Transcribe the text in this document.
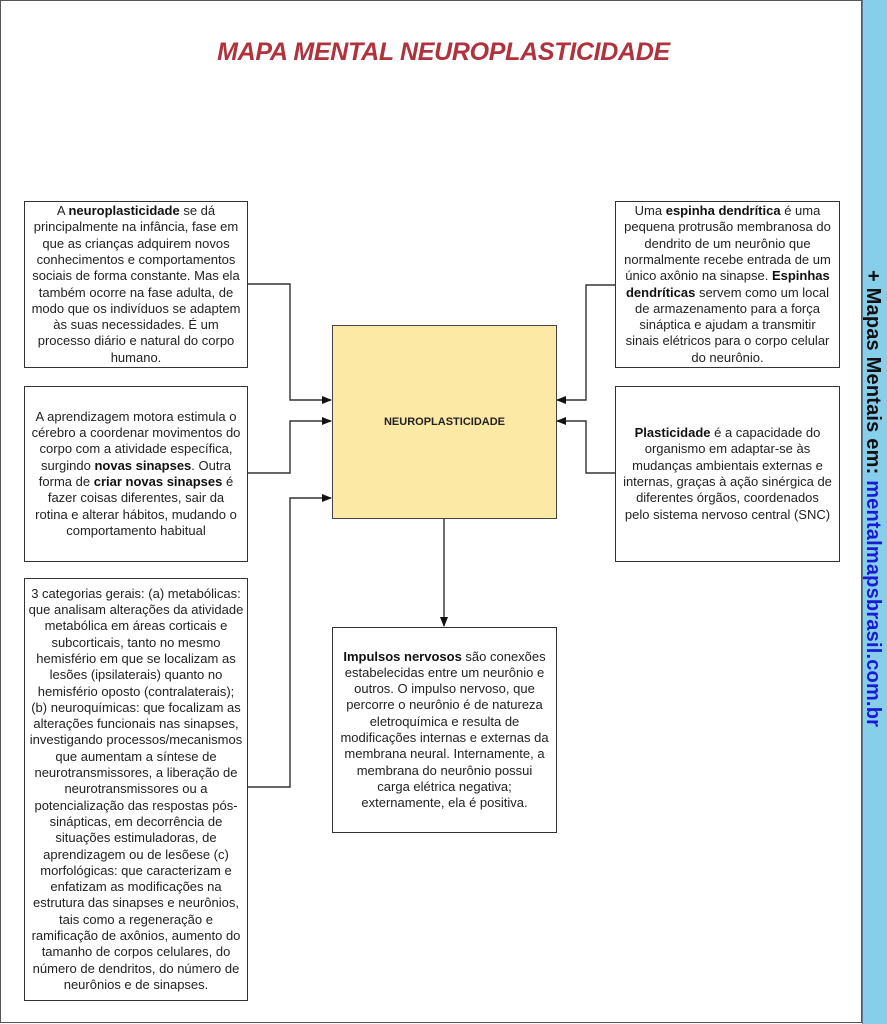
MAPA MENTAL NEUROPLASTICIDADE
A neuroplasticidade se dá principalmente na infância, fase em que as crianças adquirem novos conhecimentos e comportamentos sociais de forma constante. Mas ela também ocorre na fase adulta, de modo que os indivíduos se adaptem às suas necessidades. É um processo diário e natural do corpo humano.
A aprendizagem motora estimula o cérebro a coordenar movimentos do corpo com a atividade específica, surgindo novas sinapses. Outra forma de criar novas sinapses é fazer coisas diferentes, sair da rotina e alterar hábitos, mudando o comportamento habitual
3 categorias gerais: (a) metabólicas: que analisam alterações da atividade metabólica em áreas corticais e subcorticais, tanto no mesmo hemisfério em que se localizam as lesões (ipsilaterais) quanto no hemisfério oposto (contralaterais); (b) neuroquímicas: que focalizam as alterações funcionais nas sinapses, investigando processos/mecanismos que aumentam a síntese de neurotransmissores, a liberação de neurotransmissores ou a potencialização das respostas pós-sinápticas, em decorrência de situações estimuladoras, de aprendizagem ou de lesõese (c) morfológicas: que caracterizam e enfatizam as modificações na estrutura das sinapses e neurônios, tais como a regeneração e ramificação de axônios, aumento do tamanho de corpos celulares, do número de dendritos, do número de neurônios e de sinapses.
NEUROPLASTICIDADE
Uma espinha dendrítica é uma pequena protrusão membranosa do dendrito de um neurônio que normalmente recebe entrada de um único axônio na sinapse. Espinhas dendríticas servem como um local de armazenamento para a força sináptica e ajudam a transmitir sinais elétricos para o corpo celular do neurônio.
Plasticidade é a capacidade do organismo em adaptar-se às mudanças ambientais externas e internas, graças à ação sinérgica de diferentes órgãos, coordenados pelo sistema nervoso central (SNC)
Impulsos nervosos são conexões estabelecidas entre um neurônio e outros. O impulso nervoso, que percorre o neurônio é de natureza eletroquímica e resulta de modificações internas e externas da membrana neural. Internamente, a membrana do neurônio possui carga elétrica negativa; externamente, ela é positiva.
+ Mapas Mentais em: mentalmapsbrasil.com.br
